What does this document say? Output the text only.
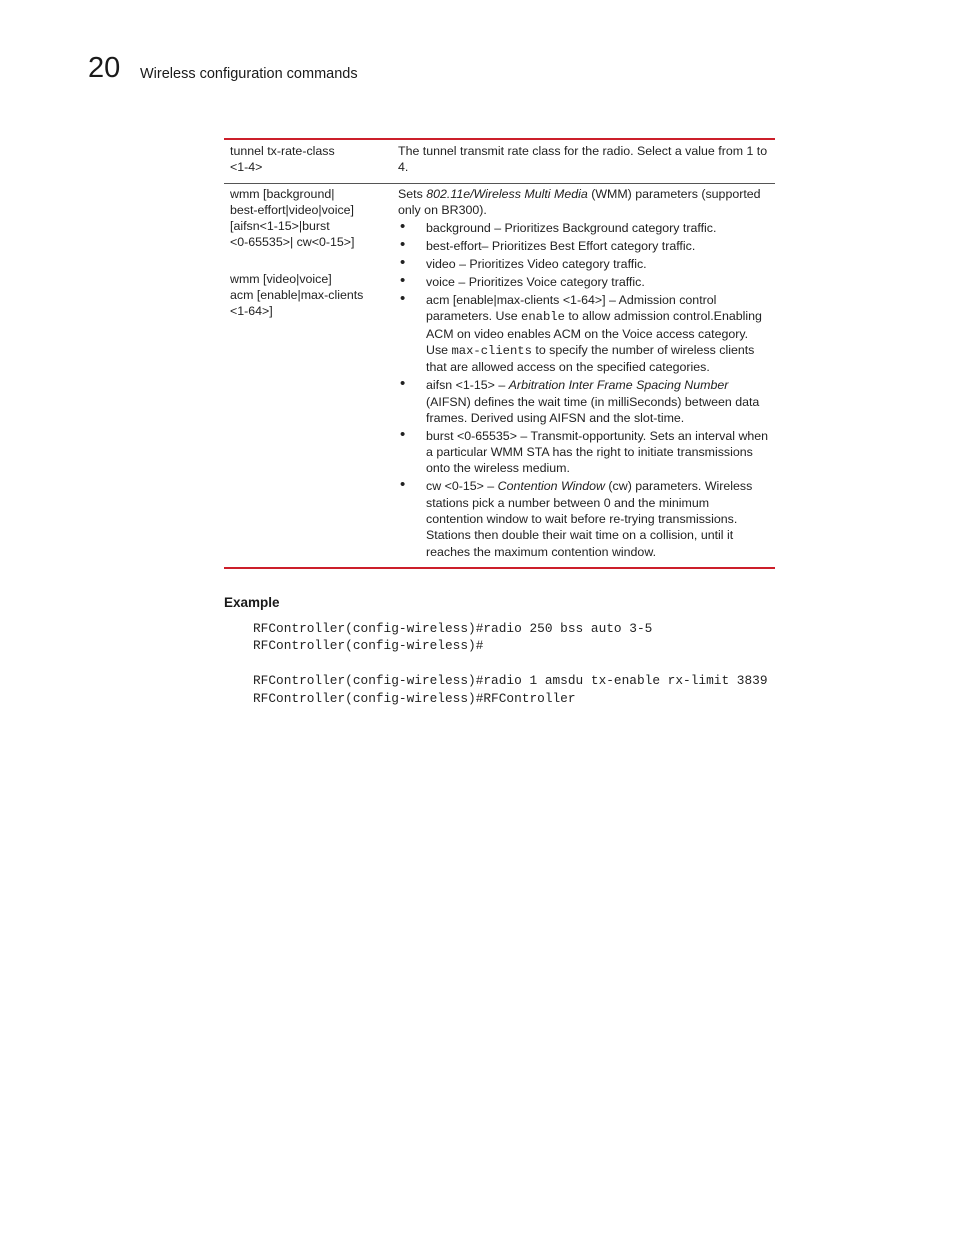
20 Wireless configuration commands
tunnel tx-rate-class
<1-4>
The tunnel transmit rate class for the radio. Select a value from 1 to 4.
wmm [background|
best-effort|video|voice]
[aifsn<1-15>|burst
<0-65535>| cw<0-15>]
wmm [video|voice]
acm [enable|max-clients
<1-64>]
Sets 802.11e/Wireless Multi Media (WMM) parameters (supported only on BR300).
• background – Prioritizes Background category traffic.
• best-effort– Prioritizes Best Effort category traffic.
• video – Prioritizes Video category traffic.
• voice – Prioritizes Voice category traffic.
• acm [enable|max-clients <1-64>] – Admission control parameters. Use enable to allow admission control.Enabling ACM on video enables ACM on the Voice access category. Use max-clients to specify the number of wireless clients that are allowed access on the specified categories.
• aifsn <1-15> – Arbitration Inter Frame Spacing Number (AIFSN) defines the wait time (in milliSeconds) between data frames. Derived using AIFSN and the slot-time.
• burst <0-65535> – Transmit-opportunity. Sets an interval when a particular WMM STA has the right to initiate transmissions onto the wireless medium.
• cw <0-15> – Contention Window (cw) parameters. Wireless stations pick a number between 0 and the minimum contention window to wait before re-trying transmissions. Stations then double their wait time on a collision, until it reaches the maximum contention window.
Example
RFController(config-wireless)#radio 250 bss auto 3-5
RFController(config-wireless)#
RFController(config-wireless)#radio 1 amsdu tx-enable rx-limit 3839
RFController(config-wireless)#RFController
